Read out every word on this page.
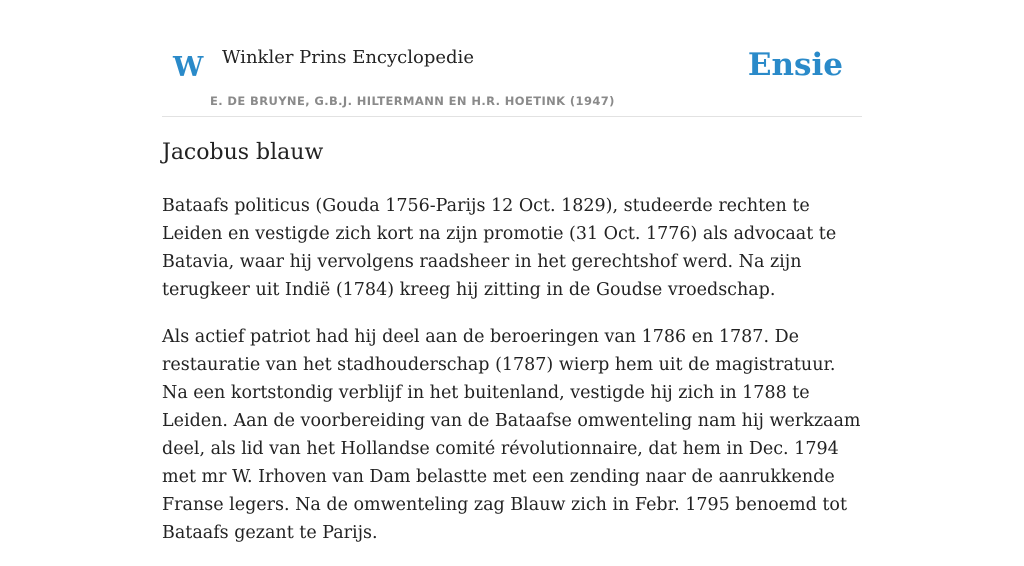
W Winkler Prins Encyclopedie
E. DE BRUYNE, G.B.J. HILTERMANN EN H.R. HOETINK (1947)
Ensie
Jacobus blauw

Bataafs politicus (Gouda 1756-Parijs 12 Oct. 1829), studeerde rechten te Leiden en vestigde zich kort na zijn promotie (31 Oct. 1776) als advocaat te Batavia, waar hij vervolgens raadsheer in het gerechtshof werd. Na zijn terugkeer uit Indië (1784) kreeg hij zitting in de Goudse vroedschap.

Als actief patriot had hij deel aan de beroeringen van 1786 en 1787. De restauratie van het stadhouderschap (1787) wierp hem uit de magistratuur. Na een kortstondig verblijf in het buitenland, vestigde hij zich in 1788 te Leiden. Aan de voorbereiding van de Bataafse omwenteling nam hij werkzaam deel, als lid van het Hollandse comité révolutionnaire, dat hem in Dec. 1794 met mr W. Irhoven van Dam belastte met een zending naar de aanrukkende Franse legers. Na de omwenteling zag Blauw zich in Febr. 1795 benoemd tot Bataafs gezant te Parijs.
